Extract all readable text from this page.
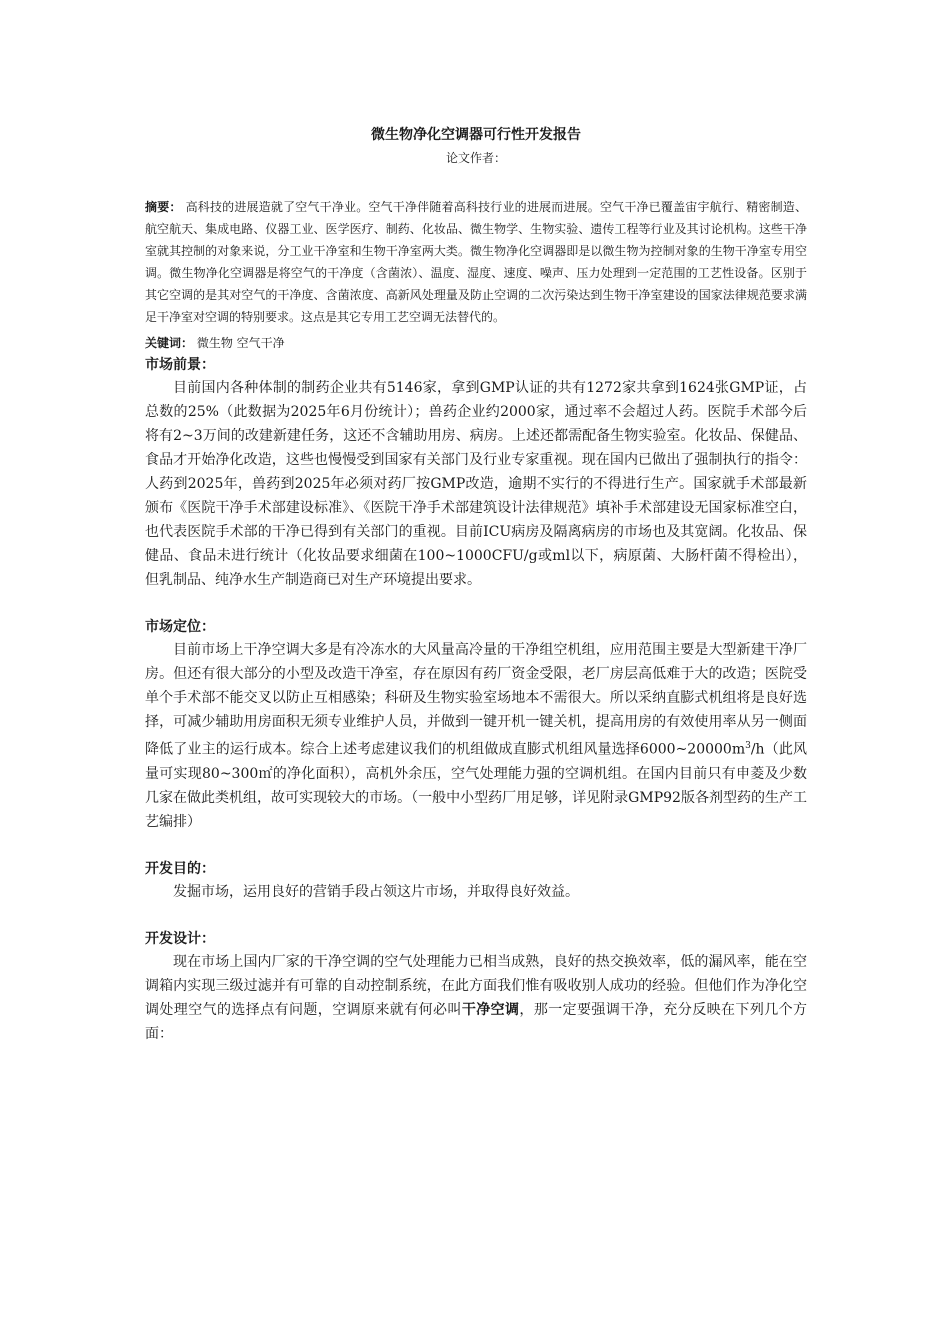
微生物净化空调器可行性开发报告
论文作者：
摘要： 高科技的进展造就了空气干净业。空气干净伴随着高科技行业的进展而进展。空气干净已覆盖宙宇航行、精密制造、航空航天、集成电路、仪器工业、医学医疗、制药、化妆品、微生物学、生物实验、遗传工程等行业及其讨论机构。这些干净室就其控制的对象来说，分工业干净室和生物干净室两大类。微生物净化空调器即是以微生物为控制对象的生物干净室专用空调。微生物净化空调器是将空气的干净度（含菌浓）、温度、湿度、速度、噪声、压力处理到一定范围的工艺性设备。区别于其它空调的是其对空气的干净度、含菌浓度、高新风处理量及防止空调的二次污染达到生物干净室建设的国家法律规范要求满足干净室对空调的特别要求。这点是其它专用工艺空调无法替代的。
关键词： 微生物 空气干净
市场前景：

目前国内各种体制的制药企业共有5146家，拿到GMP认证的共有1272家共拿到1624张GMP证，占总数的25%（此数据为2025年6月份统计）；兽药企业约2000家，通过率不会超过人药。医院手术部今后将有2~3万间的改建新建任务，这还不含辅助用房、病房。上述还都需配备生物实验室。化妆品、保健品、食品才开始净化改造，这些也慢慢受到国家有关部门及行业专家重视。现在国内已做出了强制执行的指令：人药到2025年，兽药到2025年必须对药厂按GMP改造，逾期不实行的不得进行生产。国家就手术部最新颁布《医院干净手术部建设标准》、《医院干净手术部建筑设计法律规范》填补手术部建设无国家标准空白，也代表医院手术部的干净已得到有关部门的重视。目前ICU病房及隔离病房的市场也及其宽阔。化妆品、保健品、食品未进行统计（化妆品要求细菌在100~1000CFU/g或ml以下，病原菌、大肠杆菌不得检出），但乳制品、纯净水生产制造商已对生产环境提出要求。

市场定位：

目前市场上干净空调大多是有冷冻水的大风量高冷量的干净组空机组，应用范围主要是大型新建干净厂房。但还有很大部分的小型及改造干净室，存在原因有药厂资金受限，老厂房层高低难于大的改造；医院受单个手术部不能交叉以防止互相感染；科研及生物实验室场地本不需很大。所以采纳直膨式机组将是良好选择，可减少辅助用房面积无须专业维护人员，并做到一键开机一键关机，提高用房的有效使用率从另一侧面降低了业主的运行成本。综合上述考虑建议我们的机组做成直膨式机组风量选择$6000\sim 20000m^3/h$（此风量可实现80~300㎡的净化面积），高机外余压，空气处理能力强的空调机组。在国内目前只有申菱及少数几家在做此类机组，故可实现较大的市场。（一般中小型药厂用足够，详见附录GMP92版各剂型药的生产工艺编排）

开发目的：

发掘市场，运用良好的营销手段占领这片市场，并取得良好效益。

开发设计：

现在市场上国内厂家的干净空调的空气处理能力已相当成熟，良好的热交换效率，低的漏风率，能在空调箱内实现三级过滤并有可靠的自动控制系统，在此方面我们惟有吸收别人成功的经验。但他们作为净化空调处理空气的选择点有问题，空调原来就有何必叫干净空调，那一定要强调干净，充分反映在下列几个方面：
